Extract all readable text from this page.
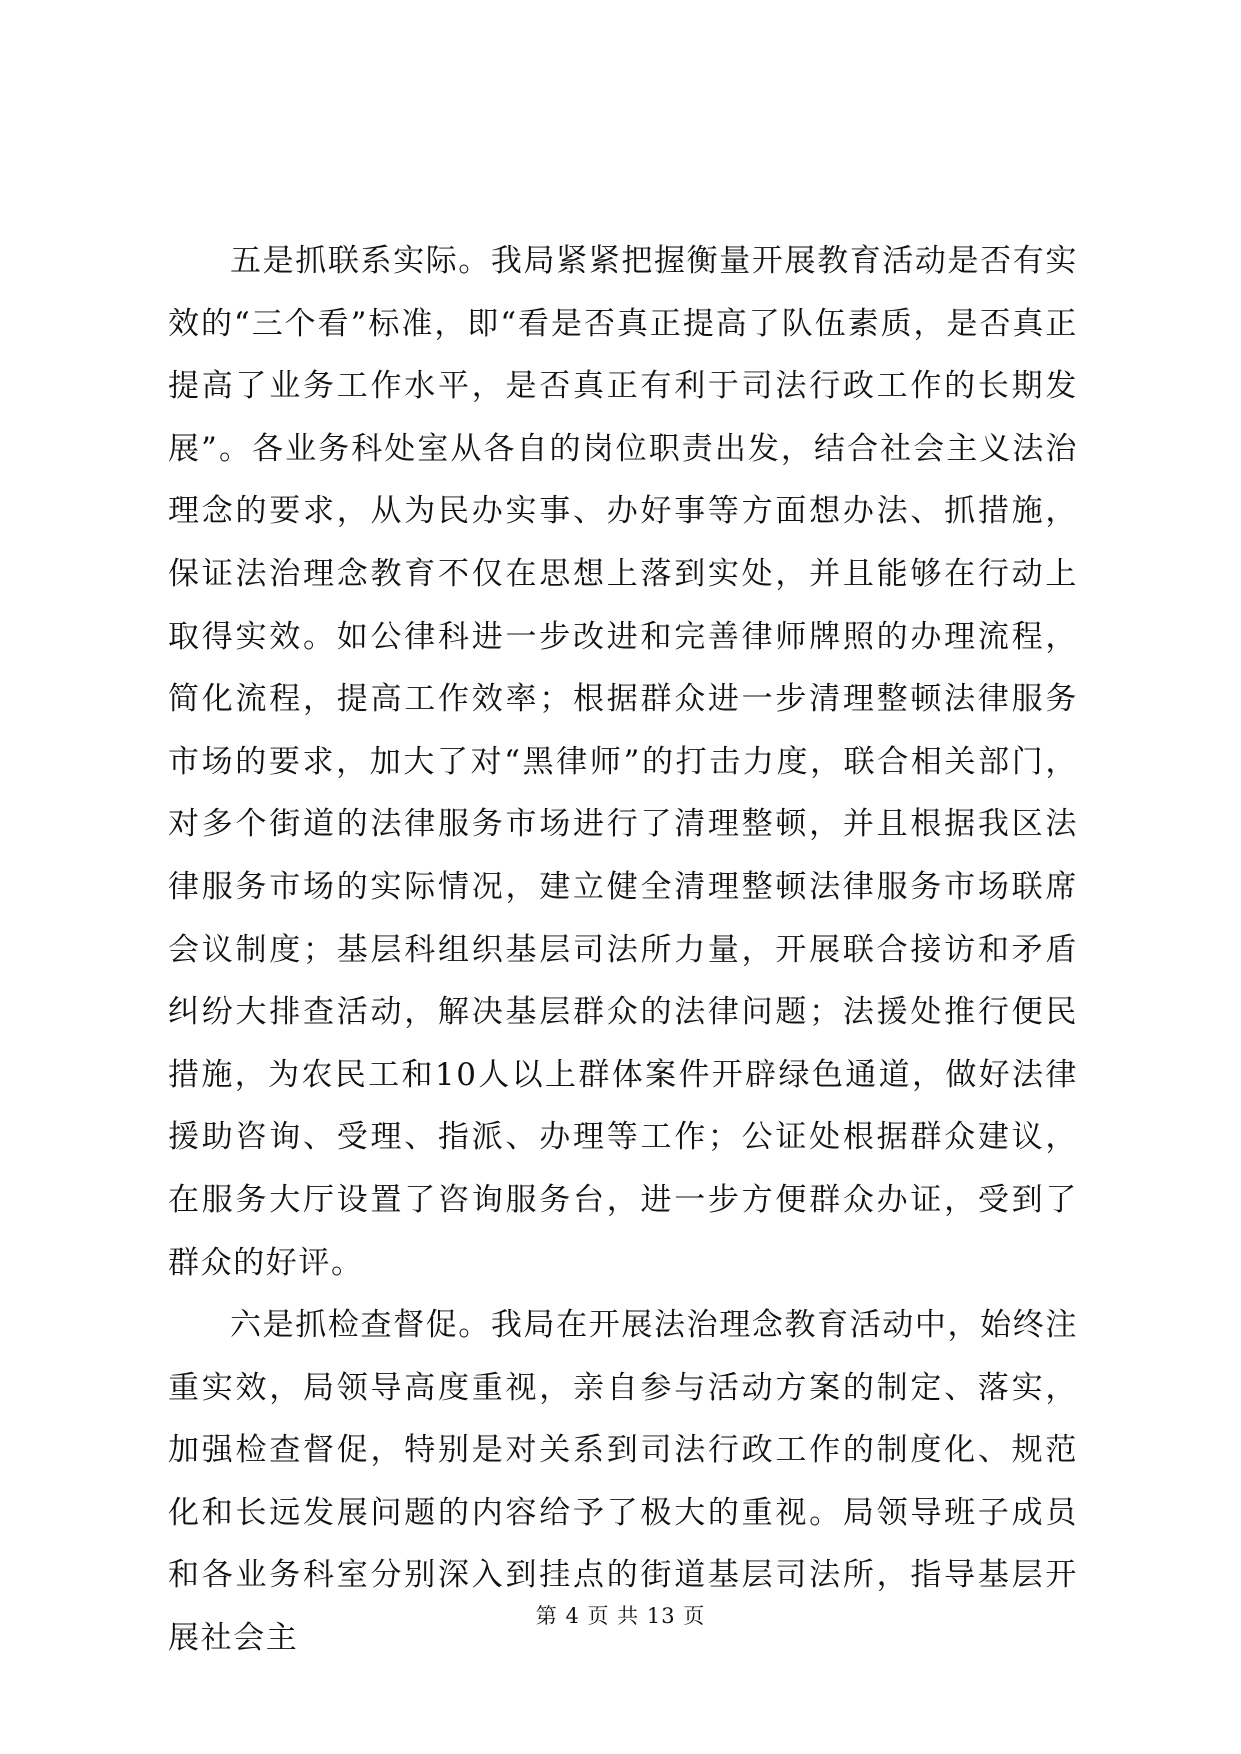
五是抓联系实际。我局紧紧把握衡量开展教育活动是否有实效的“三个看”标准，即“看是否真正提高了队伍素质，是否真正提高了业务工作水平，是否真正有利于司法行政工作的长期发展”。各业务科处室从各自的岗位职责出发，结合社会主义法治理念的要求，从为民办实事、办好事等方面想办法、抓措施，保证法治理念教育不仅在思想上落到实处，并且能够在行动上取得实效。如公律科进一步改进和完善律师牌照的办理流程，简化流程，提高工作效率；根据群众进一步清理整顿法律服务市场的要求，加大了对“黑律师”的打击力度，联合相关部门，对多个街道的法律服务市场进行了清理整顿，并且根据我区法律服务市场的实际情况，建立健全清理整顿法律服务市场联席会议制度；基层科组织基层司法所力量，开展联合接访和矛盾纠纷大排查活动，解决基层群众的法律问题；法援处推行便民措施，为农民工和10人以上群体案件开辟绿色通道，做好法律援助咨询、受理、指派、办理等工作；公证处根据群众建议，在服务大厅设置了咨询服务台，进一步方便群众办证，受到了群众的好评。

六是抓检查督促。我局在开展法治理念教育活动中，始终注重实效，局领导高度重视，亲自参与活动方案的制定、落实，加强检查督促，特别是对关系到司法行政工作的制度化、规范化和长远发展问题的内容给予了极大的重视。局领导班子成员和各业务科室分别深入到挂点的街道基层司法所，指导基层开展社会主

第 4 页 共 13 页
